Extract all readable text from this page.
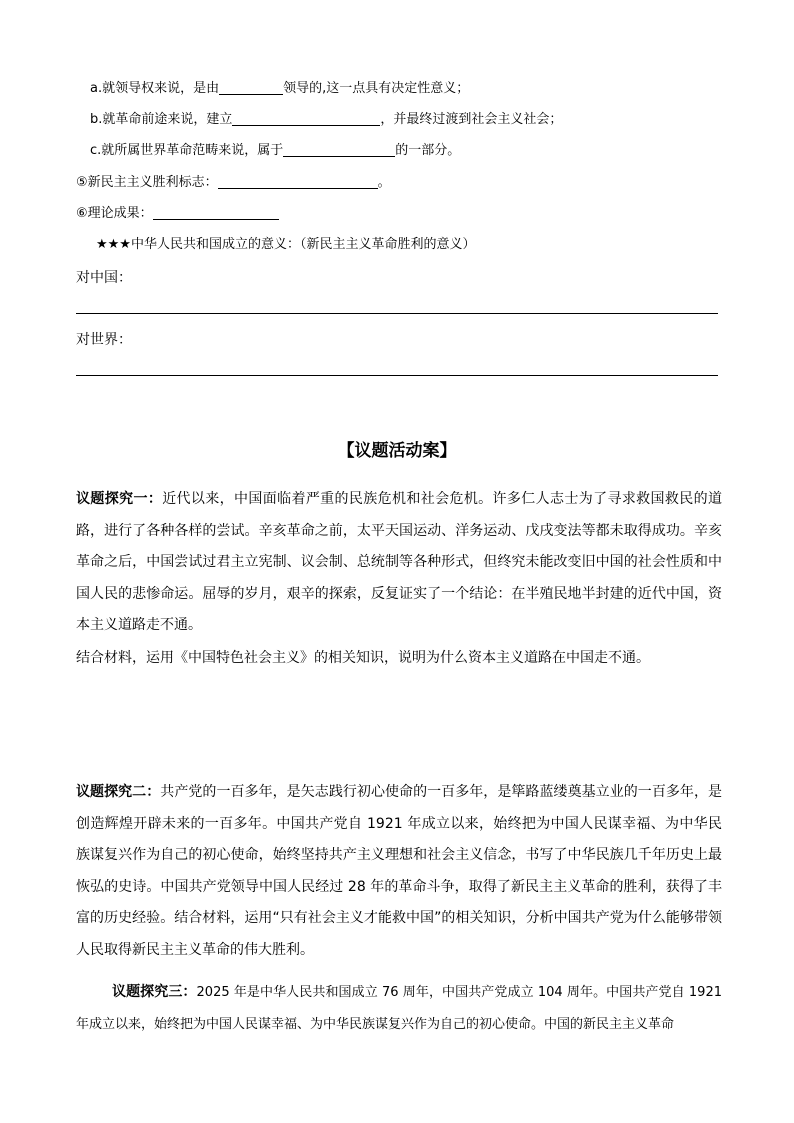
a.就领导权来说，是由	领导的,这一点具有决定性意义；
b.就革命前途来说，建立	，并最终过渡到社会主义社会；
c.就所属世界革命范畴来说，属于	的一部分。
⑤新民主主义胜利标志：	。
⑥理论成果：
★★★中华人民共和国成立的意义：（新民主主义革命胜利的意义）
对中国：
对世界：
【议题活动案】
议题探究一：近代以来，中国面临着严重的民族危机和社会危机。许多仁人志士为了寻求救国救民的道路，进行了各种各样的尝试。辛亥革命之前，太平天国运动、洋务运动、戊戌变法等都未取得成功。辛亥革命之后，中国尝试过君主立宪制、议会制、总统制等各种形式，但终究未能改变旧中国的社会性质和中国人民的悲惨命运。屈辱的岁月，艰辛的探索，反复证实了一个结论：在半殖民地半封建的近代中国，资本主义道路走不通。
结合材料，运用《中国特色社会主义》的相关知识，说明为什么资本主义道路在中国走不通。
议题探究二：共产党的一百多年，是矢志践行初心使命的一百多年，是筚路蓝缕奠基立业的一百多年，是创造辉煌开辟未来的一百多年。中国共产党自 1921 年成立以来，始终把为中国人民谋幸福、为中华民族谋复兴作为自己的初心使命，始终坚持共产主义理想和社会主义信念，书写了中华民族几千年历史上最恢弘的史诗。中国共产党领导中国人民经过 28 年的革命斗争，取得了新民主主义革命的胜利，获得了丰富的历史经验。结合材料，运用“只有社会主义才能救中国”的相关知识，分析中国共产党为什么能够带领人民取得新民主主义革命的伟大胜利。
议题探究三：2025 年是中华人民共和国成立 76 周年，中国共产党成立 104 周年。中国共产党自 1921 年成立以来，始终把为中国人民谋幸福、为中华民族谋复兴作为自己的初心使命。中国的新民主主义革命
